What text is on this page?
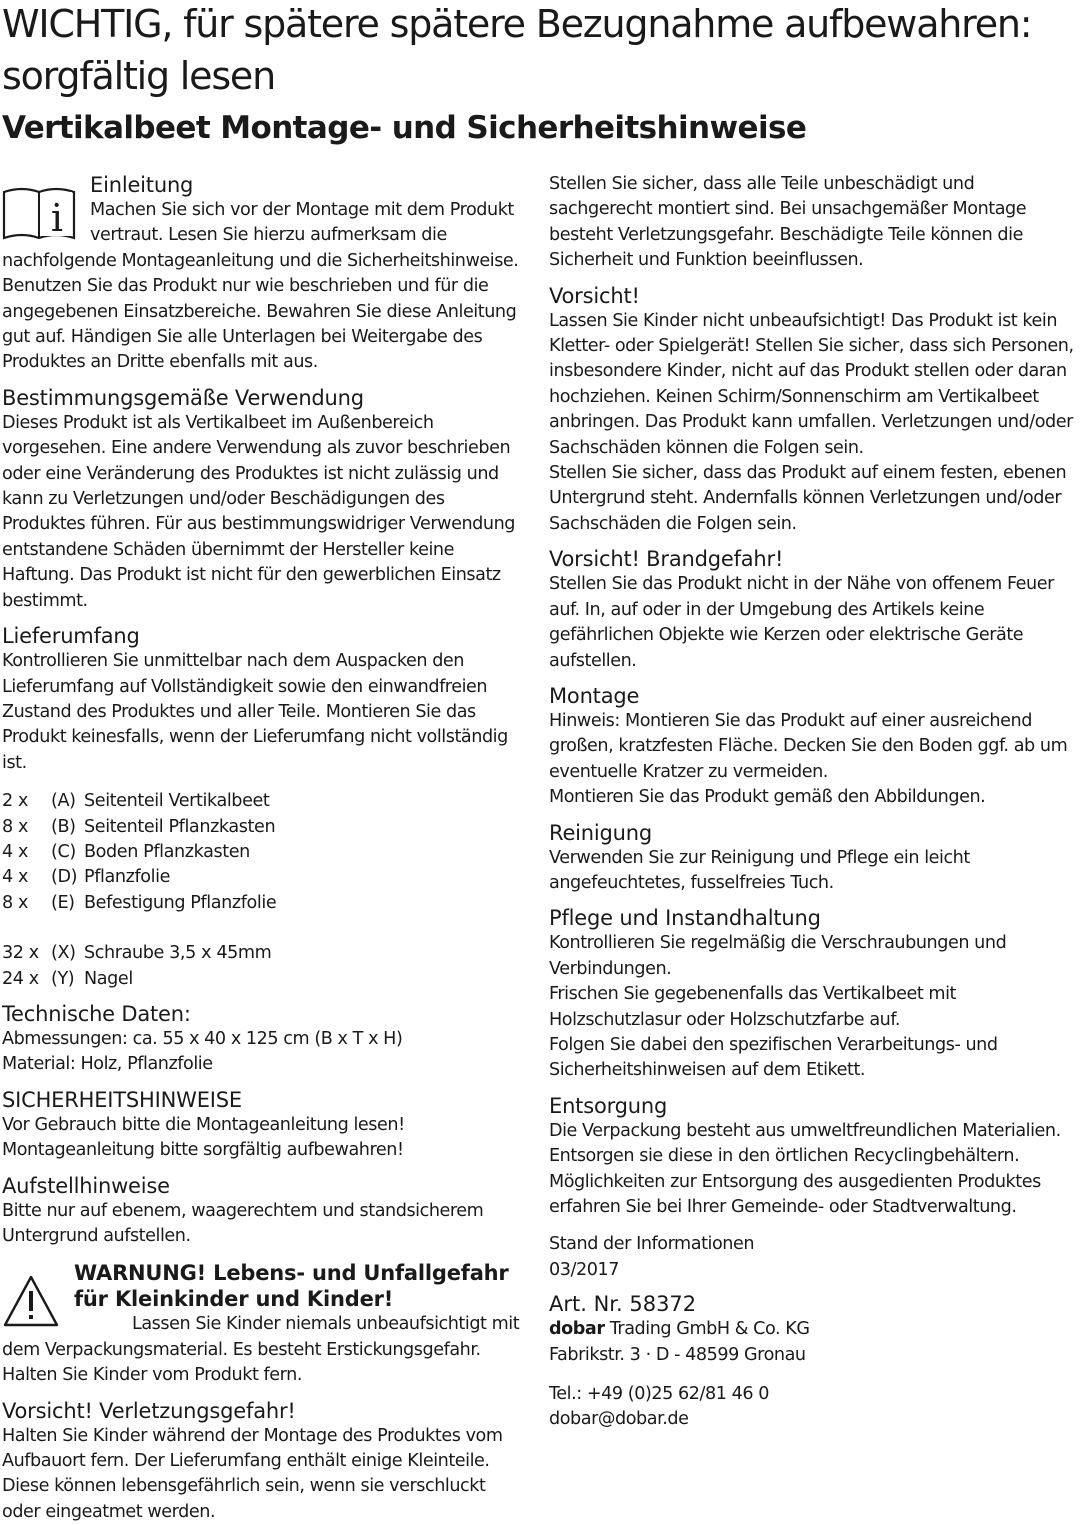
WICHTIG, für spätere spätere Bezugnahme aufbewahren: sorgfältig lesen
Vertikalbeet Montage- und Sicherheitshinweise
i
Einleitung

Machen Sie sich vor der Montage mit dem Produkt vertraut. Lesen Sie hierzu aufmerksam die nachfolgende Montageanleitung und die Sicherheitshinweise. Benutzen Sie das Produkt nur wie beschrieben und für die angegebenen Einsatzbereiche. Bewahren Sie diese Anleitung gut auf. Händigen Sie alle Unterlagen bei Weitergabe des Produktes an Dritte ebenfalls mit aus.

Bestimmungsgemäße Verwendung

Dieses Produkt ist als Vertikalbeet im Außenbereich vorgesehen. Eine andere Verwendung als zuvor beschrieben oder eine Veränderung des Produktes ist nicht zulässig und kann zu Verletzungen und/oder Beschädigungen des Produktes führen. Für aus bestimmungswidriger Verwendung entstandene Schäden übernimmt der Hersteller keine Haftung. Das Produkt ist nicht für den gewerblichen Einsatz bestimmt.

Lieferumfang

Kontrollieren Sie unmittelbar nach dem Auspacken den Lieferumfang auf Vollständigkeit sowie den einwandfreien Zustand des Produktes und aller Teile. Montieren Sie das Produkt keinesfalls, wenn der Lieferumfang nicht vollständig ist.

2 x	(A) Seitenteil Vertikalbeet
8 x	(B) Seitenteil Pflanzkasten
4 x	(C) Boden Pflanzkasten
4 x	(D) Pflanzfolie
8 x	(E) Befestigung Pflanzfolie
32 x (X) Schraube 3,5 x 45mm
24 x (Y) Nagel
Technische Daten:

Abmessungen: ca. 55 x 40 x 125 cm (B x T x H)

Material: Holz, Pflanzfolie

SICHERHEITSHINWEISE

Vor Gebrauch bitte die Montageanleitung lesen!

Montageanleitung bitte sorgfältig aufbewahren!

Aufstellhinweise

Bitte nur auf ebenem, waagerechtem und standsicherem Untergrund aufstellen.

WARNUNG! Lebens- und Unfallgefahr für Kleinkinder und Kinder!

Lassen Sie Kinder niemals unbeaufsichtigt mit dem Verpackungsmaterial. Es besteht Erstickungsgefahr. Halten Sie Kinder vom Produkt fern.

Vorsicht! Verletzungsgefahr!

Halten Sie Kinder während der Montage des Produktes vom Aufbauort fern. Der Lieferumfang enthält einige Kleinteile. Diese können lebensgefährlich sein, wenn sie verschluckt oder eingeatmet werden.

Stellen Sie sicher, dass alle Teile unbeschädigt und sachgerecht montiert sind. Bei unsachgemäßer Montage besteht Verletzungsgefahr. Beschädigte Teile können die Sicherheit und Funktion beeinflussen.

Vorsicht!

Lassen Sie Kinder nicht unbeaufsichtigt! Das Produkt ist kein Kletter- oder Spielgerät! Stellen Sie sicher, dass sich Personen, insbesondere Kinder, nicht auf das Produkt stellen oder daran hochziehen. Keinen Schirm/Sonnenschirm am Vertikalbeet anbringen. Das Produkt kann umfallen. Verletzungen und/oder Sachschäden können die Folgen sein.

Stellen Sie sicher, dass das Produkt auf einem festen, ebenen Untergrund steht. Andernfalls können Verletzungen und/oder Sachschäden die Folgen sein.

Vorsicht! Brandgefahr!

Stellen Sie das Produkt nicht in der Nähe von offenem Feuer auf. In, auf oder in der Umgebung des Artikels keine gefährlichen Objekte wie Kerzen oder elektrische Geräte aufstellen.

Montage

Hinweis: Montieren Sie das Produkt auf einer ausreichend großen, kratzfesten Fläche. Decken Sie den Boden ggf. ab um eventuelle Kratzer zu vermeiden.

Montieren Sie das Produkt gemäß den Abbildungen.

Reinigung

Verwenden Sie zur Reinigung und Pflege ein leicht angefeuchtetes, fusselfreies Tuch.

Pflege und Instandhaltung

Kontrollieren Sie regelmäßig die Verschraubungen und Verbindungen.

Frischen Sie gegebenenfalls das Vertikalbeet mit Holzschutzlasur oder Holzschutzfarbe auf.

Folgen Sie dabei den spezifischen Verarbeitungs- und Sicherheitshinweisen auf dem Etikett.

Entsorgung

Die Verpackung besteht aus umweltfreundlichen Materialien.

Entsorgen sie diese in den örtlichen Recyclingbehältern.

Möglichkeiten zur Entsorgung des ausgedienten Produktes erfahren Sie bei Ihrer Gemeinde- oder Stadtverwaltung.

Stand der Informationen

03/2017

Art. Nr. 58372

dobar Trading GmbH & Co. KG

Fabrikstr. 3 · D - 48599 Gronau

Tel.: +49 (0)25 62/81 46 0

dobar@dobar.de
